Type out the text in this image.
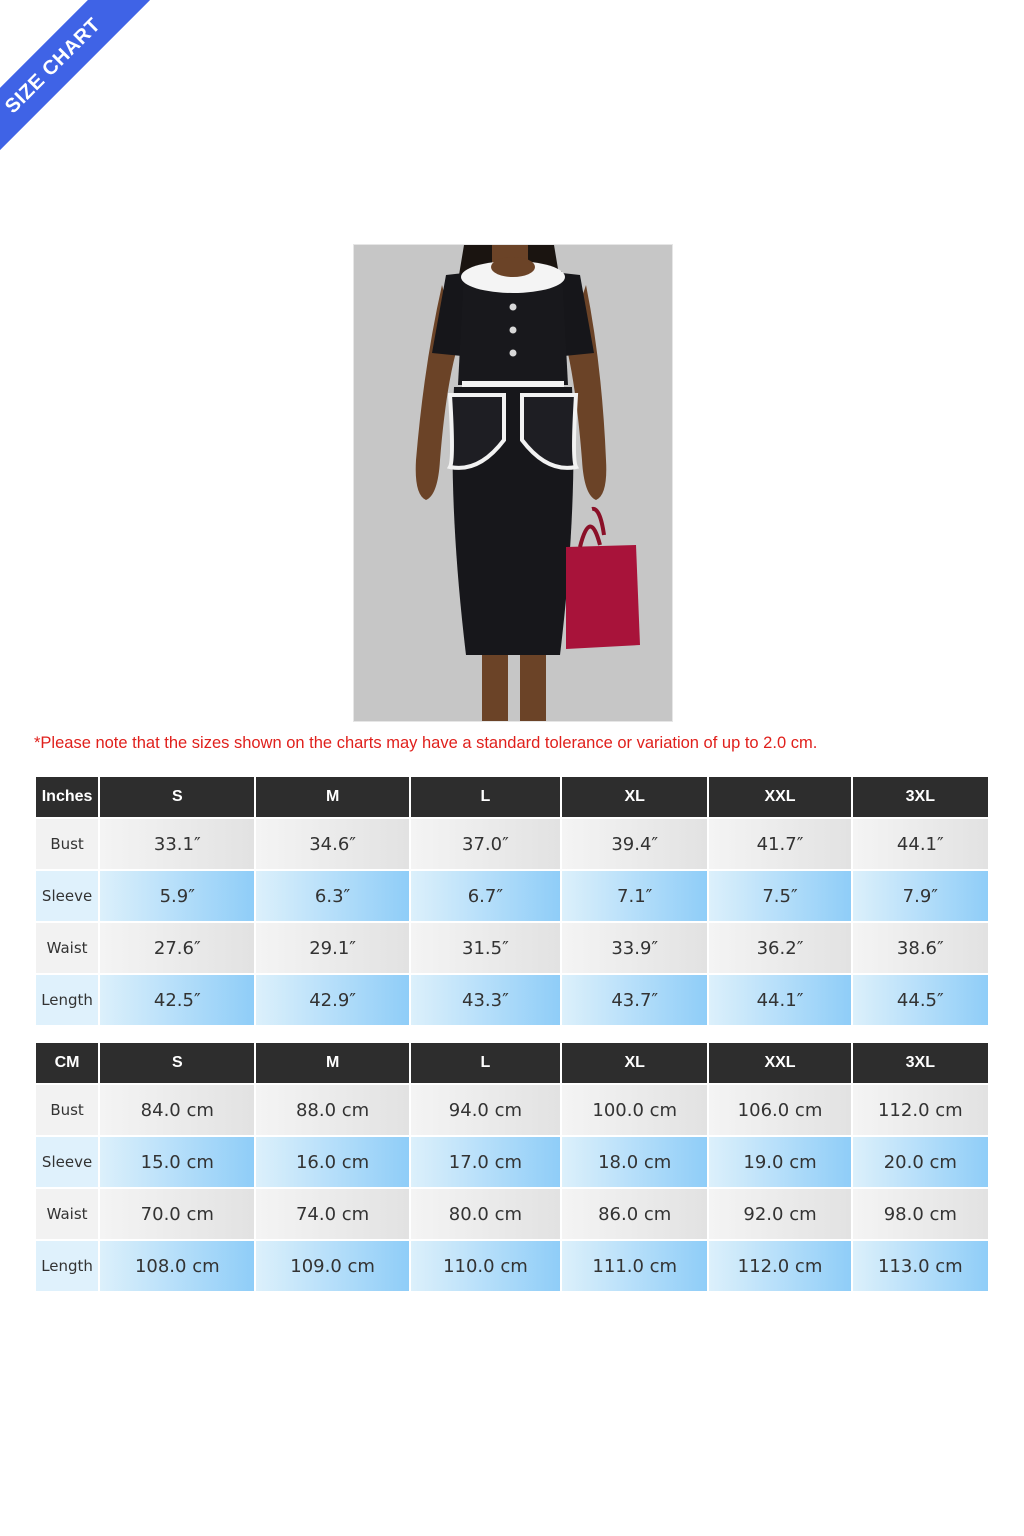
SIZE CHART
*Please note that the sizes shown on the charts may have a standard tolerance or variation of up to 2.0 cm.
Inches	S	M	L	XL	XXL	3XL
Bust	33.1″	34.6″	37.0″	39.4″	41.7″	44.1″
Sleeve	5.9″	6.3″	6.7″	7.1″	7.5″	7.9″
Waist	27.6″	29.1″	31.5″	33.9″	36.2″	38.6″
Length	42.5″	42.9″	43.3″	43.7″	44.1″	44.5″
CM	S	M	L	XL	XXL	3XL
Bust	84.0 cm	88.0 cm	94.0 cm	100.0 cm	106.0 cm	112.0 cm
Sleeve	15.0 cm	16.0 cm	17.0 cm	18.0 cm	19.0 cm	20.0 cm
Waist	70.0 cm	74.0 cm	80.0 cm	86.0 cm	92.0 cm	98.0 cm
Length	108.0 cm	109.0 cm	110.0 cm	111.0 cm	112.0 cm	113.0 cm
